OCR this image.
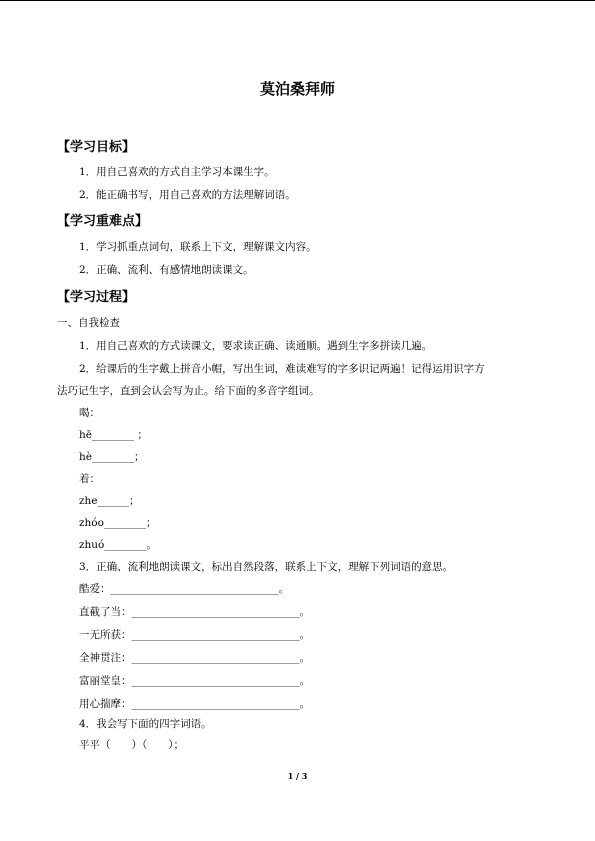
莫泊桑拜师
【学习目标】
1．用自己喜欢的方式自主学习本课生字。
2．能正确书写，用自己喜欢的方法理解词语。
【学习重难点】
1．学习抓重点词句，联系上下文，理解课文内容。
2．正确、流利、有感情地朗读课文。
【学习过程】
一、自我检查
1．用自己喜欢的方式读课文，要求读正确、读通顺。遇到生字多拼读几遍。
2．给课后的生字戴上拼音小帽，写出生词，难读难写的字多识记两遍！记得运用识字方
法巧记生字，直到会认会写为止。给下面的多音字组词。
喝：
hē________ ；
hè________；
着：
zhe______；
zhóo________；
zhuó________。
3．正确、流利地朗读课文，标出自然段落，联系上下文，理解下列词语的意思。
酷爱：________________________________。
直截了当：________________________________。
一无所获：________________________________。
全神贯注：________________________________。
富丽堂皇：________________________________。
用心揣摩：________________________________。
4．我会写下面的四字词语。
平平（　　）（　　）；
1 / 3
